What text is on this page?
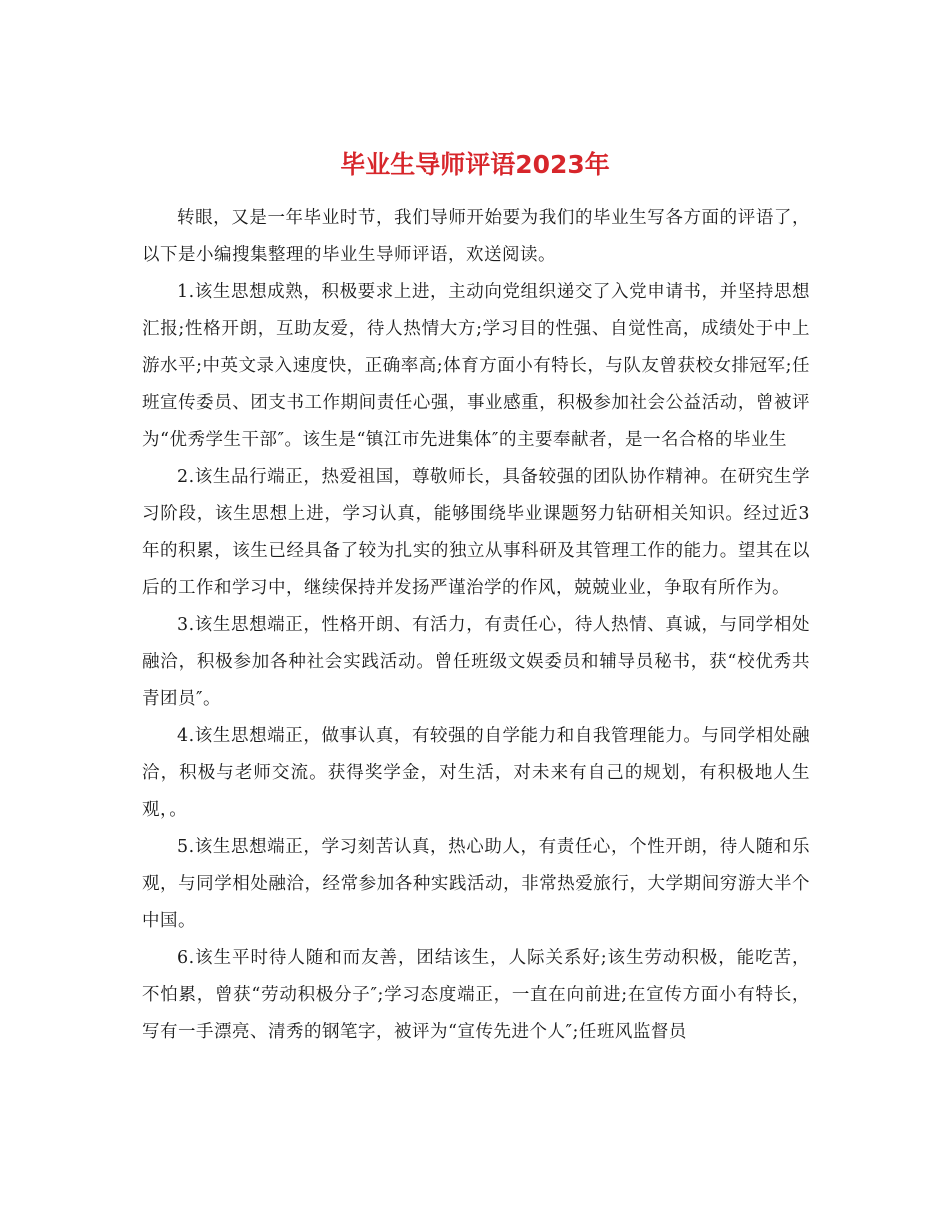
毕业生导师评语2023年

转眼，又是一年毕业时节，我们导师开始要为我们的毕业生写各方面的评语了，以下是小编搜集整理的毕业生导师评语，欢送阅读。

1.该生思想成熟，积极要求上进，主动向党组织递交了入党申请书，并坚持思想汇报;性格开朗，互助友爱，待人热情大方;学习目的性强、自觉性高，成绩处于中上游水平;中英文录入速度快，正确率高;体育方面小有特长，与队友曾获校女排冠军;任班宣传委员、团支书工作期间责任心强，事业感重，积极参加社会公益活动，曾被评为“优秀学生干部″。该生是“镇江市先进集体″的主要奉献者，是一名合格的毕业生

2.该生品行端正，热爱祖国，尊敬师长，具备较强的团队协作精神。在研究生学习阶段，该生思想上进，学习认真，能够围绕毕业课题努力钻研相关知识。经过近3年的积累，该生已经具备了较为扎实的独立从事科研及其管理工作的能力。望其在以后的工作和学习中，继续保持并发扬严谨治学的作风，兢兢业业，争取有所作为。

3.该生思想端正，性格开朗、有活力，有责任心，待人热情、真诚，与同学相处融洽，积极参加各种社会实践活动。曾任班级文娱委员和辅导员秘书，获“校优秀共青团员″。

4.该生思想端正，做事认真，有较强的自学能力和自我管理能力。与同学相处融洽，积极与老师交流。获得奖学金，对生活，对未来有自己的规划，有积极地人生观，。

5.该生思想端正，学习刻苦认真，热心助人，有责任心，个性开朗，待人随和乐观，与同学相处融洽，经常参加各种实践活动，非常热爱旅行，大学期间穷游大半个中国。

6.该生平时待人随和而友善，团结该生，人际关系好;该生劳动积极，能吃苦，不怕累，曾获“劳动积极分子″;学习态度端正，一直在向前进;在宣传方面小有特长，写有一手漂亮、清秀的钢笔字，被评为“宣传先进个人″;任班风监督员
